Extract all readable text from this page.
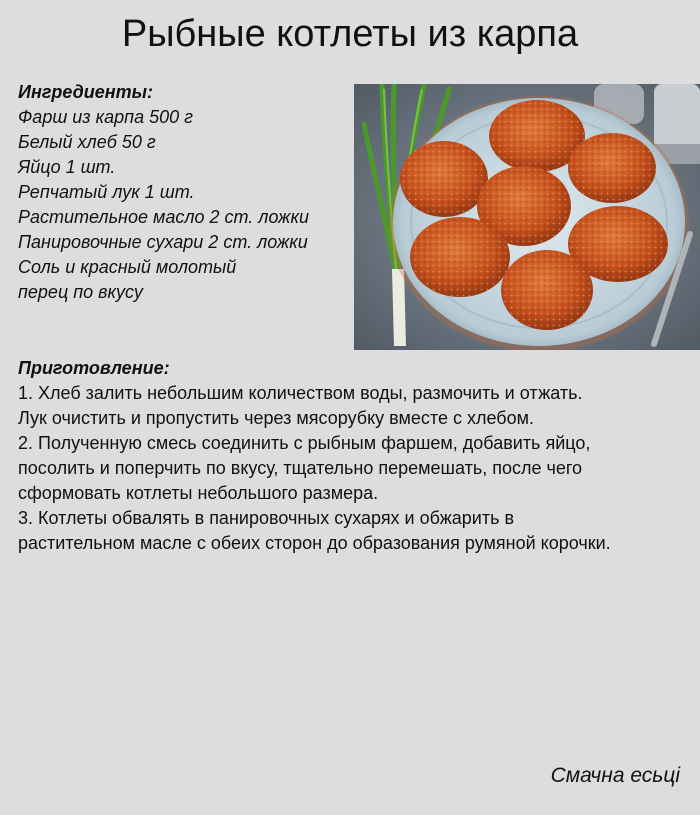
Рыбные котлеты из карпа
Ингредиенты:
Фарш из карпа 500 г
Белый хлеб 50 г
Яйцо 1 шт.
Репчатый лук 1 шт.
Растительное масло 2 ст. ложки
Панировочные сухари 2 ст. ложки
Соль и красный молотый
перец по вкусу
Приготовление:
1. Хлеб залить небольшим количеством воды, размочить и отжать.
Лук очистить и пропустить через мясорубку вместе с хлебом.
2. Полученную смесь соединить с рыбным фаршем, добавить яйцо,
посолить и поперчить по вкусу, тщательно перемешать, после чего
сформовать котлеты небольшого размера.
3. Котлеты обвалять в панировочных сухарях и обжарить в
растительном масле с обеих сторон до образования румяной корочки.
Смачна есьці
